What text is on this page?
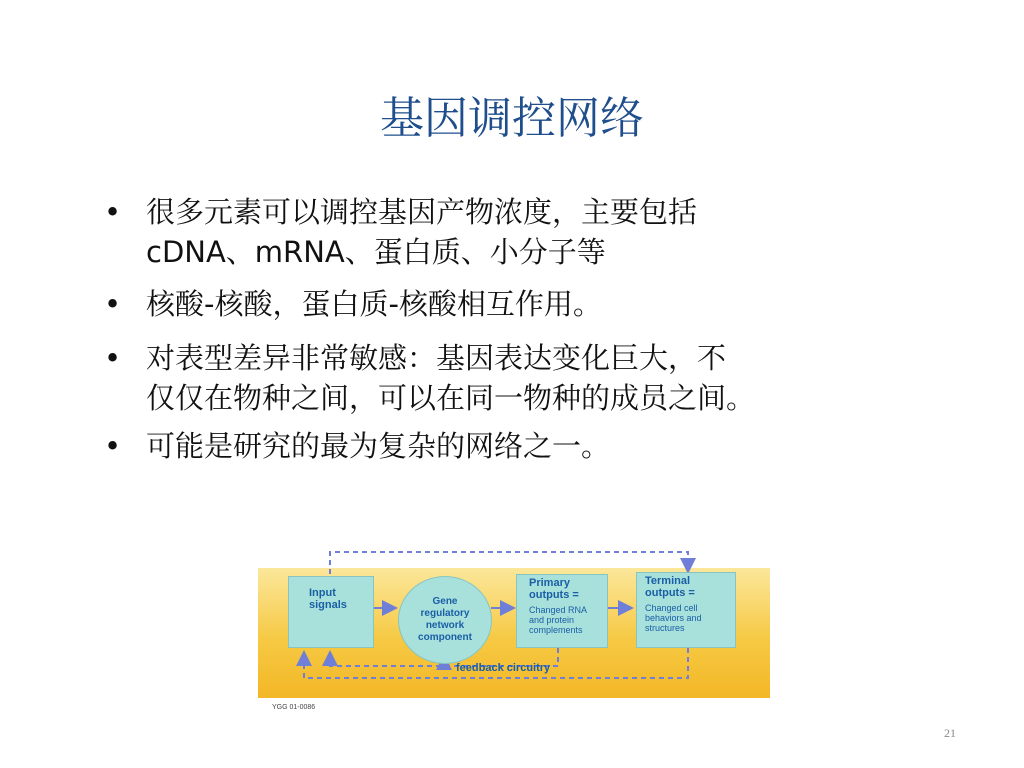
基因调控网络
• 很多元素可以调控基因产物浓度，主要包括
cDNA、mRNA、蛋白质、小分子等
• 核酸-核酸，蛋白质-核酸相互作用。
• 对表型差异非常敏感：基因表达变化巨大，不
仅仅在物种之间，可以在同一物种的成员之间。
• 可能是研究的最为复杂的网络之一。
Input
signals	Gene
regulatory
network
component
Primary
outputs =
Changed RNA
and protein
complements
Terminal
outputs =
Changed cell
behaviors and
structures
feedback circuitry
YGG 01-0086
21
